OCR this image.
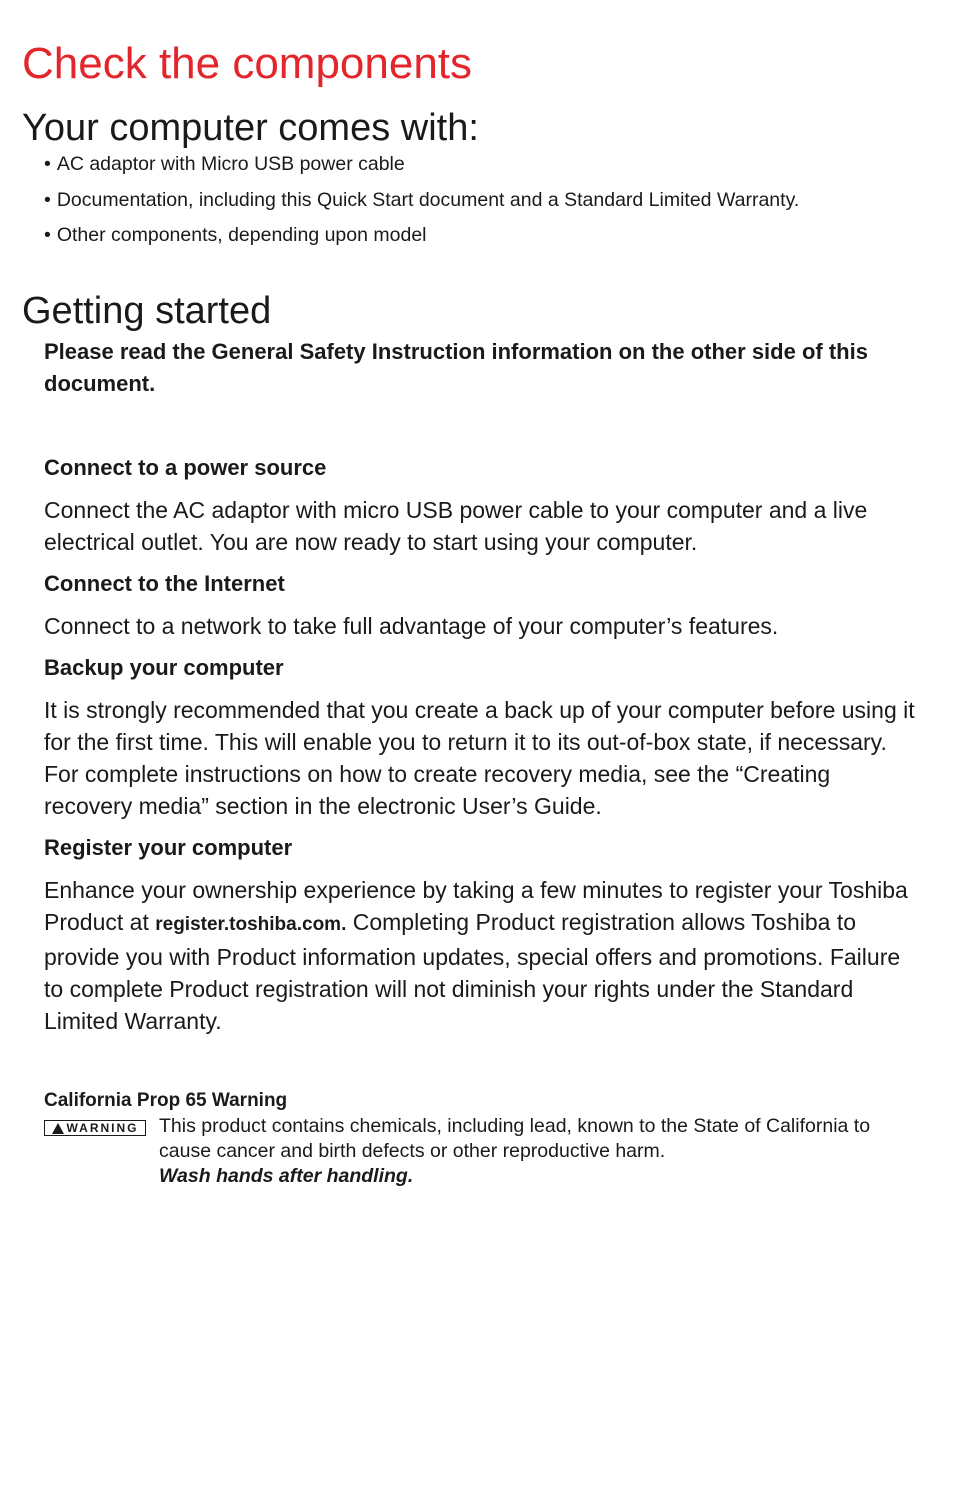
Check the components
Your computer comes with:
• AC adaptor with Micro USB power cable
• Documentation, including this Quick Start document and a Standard Limited Warranty.
• Other components, depending upon model
Getting started

Please read the General Safety Instruction information on the other side of this document.

Connect to a power source

Connect the AC adaptor with micro USB power cable to your computer and a live electrical outlet. You are now ready to start using your computer.

Connect to the Internet

Connect to a network to take full advantage of your computer’s features.

Backup your computer

It is strongly recommended that you create a back up of your computer before using it for the first time. This will enable you to return it to its out-of-box state, if necessary. For complete instructions on how to create recovery media, see the “Creating recovery media” section in the electronic User’s Guide.

Register your computer

Enhance your ownership experience by taking a few minutes to register your Toshiba Product at register.toshiba.com. Completing Product registration allows Toshiba to provide you with Product information updates, special offers and promotions. Failure to complete Product registration will not diminish your rights under the Standard Limited Warranty.

California Prop 65 Warning

WARNING This product contains chemicals, including lead, known to the State of California to cause cancer and birth defects or other reproductive harm.
Wash hands after handling.
